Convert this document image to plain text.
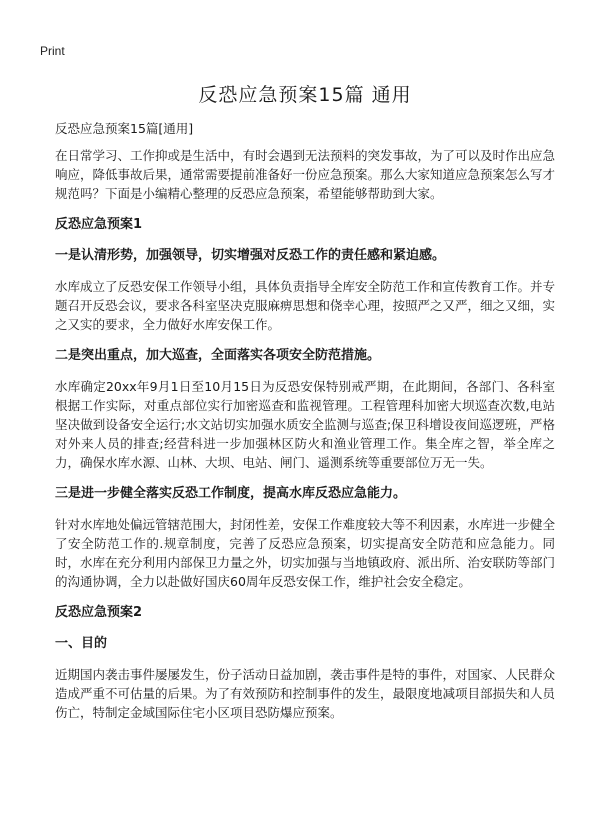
Print
反恐应急预案15篇 通用
反恐应急预案15篇[通用]

在日常学习、工作抑或是生活中，有时会遇到无法预料的突发事故，为了可以及时作出应急响应，降低事故后果，通常需要提前准备好一份应急预案。那么大家知道应急预案怎么写才规范吗？下面是小编精心整理的反恐应急预案，希望能够帮助到大家。

反恐应急预案1
一是认清形势，加强领导，切实增强对反恐工作的责任感和紧迫感。

水库成立了反恐安保工作领导小组，具体负责指导全库安全防范工作和宣传教育工作。并专题召开反恐会议，要求各科室坚决克服麻痹思想和侥幸心理，按照严之又严，细之又细，实之又实的要求，全力做好水库安保工作。

二是突出重点，加大巡查，全面落实各项安全防范措施。

水库确定20xx年9月1日至10月15日为反恐安保特别戒严期，在此期间，各部门、各科室根据工作实际，对重点部位实行加密巡查和监视管理。工程管理科加密大坝巡查次数,电站坚决做到设备安全运行;水文站切实加强水质安全监测与巡查;保卫科增设夜间巡逻班，严格对外来人员的排查;经营科进一步加强林区防火和渔业管理工作。集全库之智，举全库之力，确保水库水源、山林、大坝、电站、闸门、遥测系统等重要部位万无一失。

三是进一步健全落实反恐工作制度，提高水库反恐应急能力。

针对水库地处偏远管辖范围大，封闭性差，安保工作难度较大等不利因素，水库进一步健全了安全防范工作的.规章制度，完善了反恐应急预案，切实提高安全防范和应急能力。同时，水库在充分利用内部保卫力量之外，切实加强与当地镇政府、派出所、治安联防等部门的沟通协调，全力以赴做好国庆60周年反恐安保工作，维护社会安全稳定。

反恐应急预案2
一、目的

近期国内袭击事件屡屡发生，份子活动日益加剧，袭击事件是特的事件，对国家、人民群众造成严重不可估量的后果。为了有效预防和控制事件的发生，最限度地减项目部损失和人员伤亡，特制定金域国际住宅小区项目恐防爆应预案。
